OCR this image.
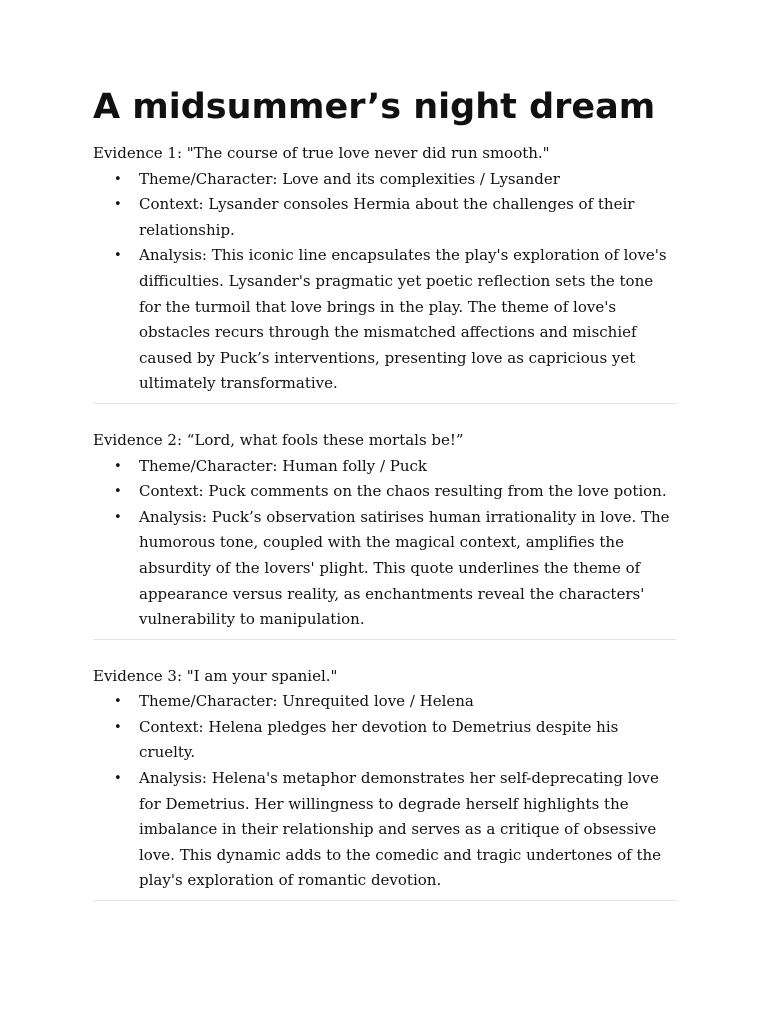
A midsummer’s night dream

Evidence 1: "The course of true love never did run smooth."

• Theme/Character: Love and its complexities / Lysander
• Context: Lysander consoles Hermia about the challenges of their relationship.
• Analysis: This iconic line encapsulates the play's exploration of love's difficulties. Lysander's pragmatic yet poetic reflection sets the tone for the turmoil that love brings in the play. The theme of love's obstacles recurs through the mismatched affections and mischief caused by Puck’s interventions, presenting love as capricious yet ultimately transformative.

Evidence 2: “Lord, what fools these mortals be!”

• Theme/Character: Human folly / Puck
• Context: Puck comments on the chaos resulting from the love potion.
• Analysis: Puck’s observation satirises human irrationality in love. The humorous tone, coupled with the magical context, amplifies the absurdity of the lovers' plight. This quote underlines the theme of appearance versus reality, as enchantments reveal the characters' vulnerability to manipulation.

Evidence 3: "I am your spaniel."

• Theme/Character: Unrequited love / Helena
• Context: Helena pledges her devotion to Demetrius despite his cruelty.
• Analysis: Helena's metaphor demonstrates her self-deprecating love for Demetrius. Her willingness to degrade herself highlights the imbalance in their relationship and serves as a critique of obsessive love. This dynamic adds to the comedic and tragic undertones of the play's exploration of romantic devotion.
